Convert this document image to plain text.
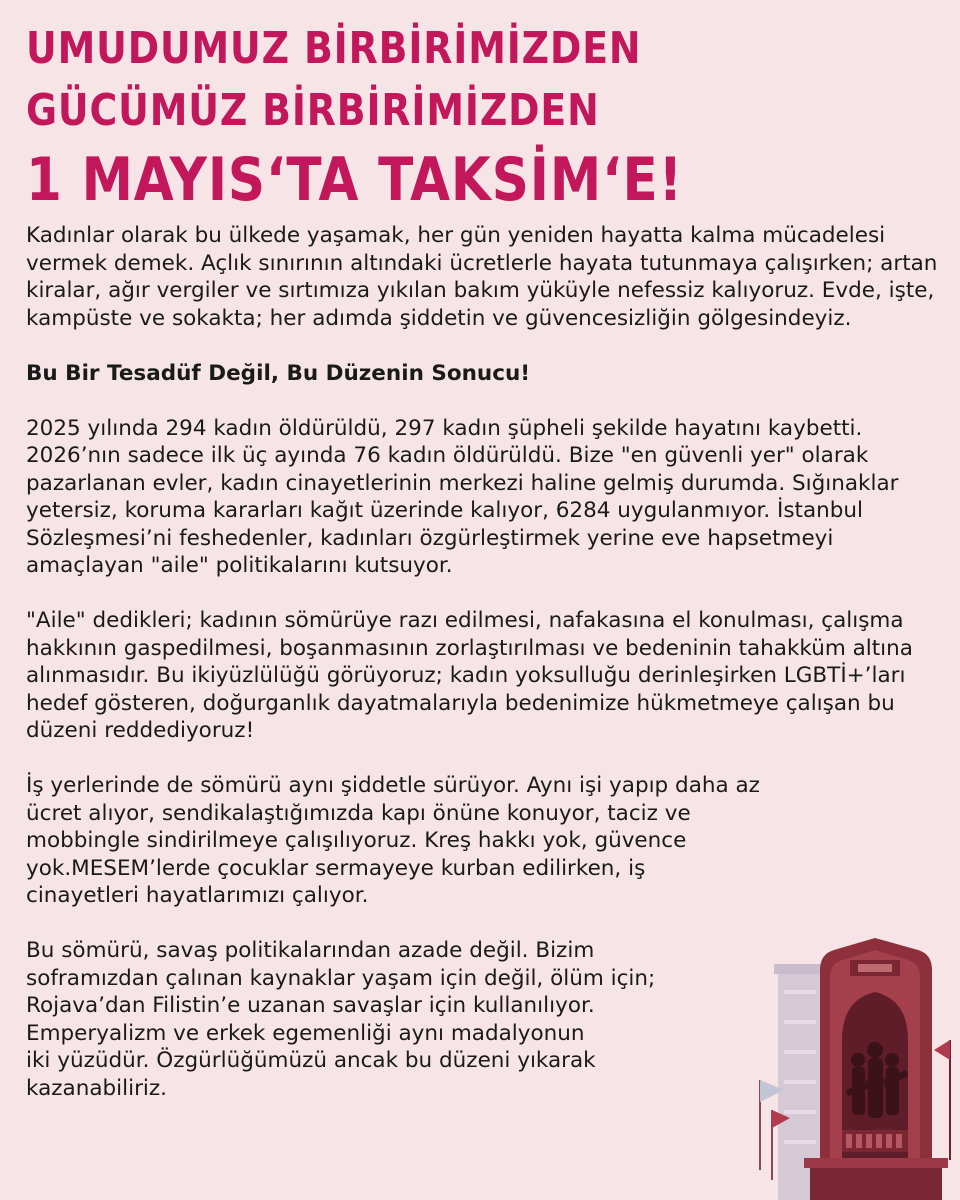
UMUDUMUZ BİRBİRİMİZDEN
GÜCÜMÜZ BİRBİRİMİZDEN
1 MAYIS‘TA TAKSİM‘E!

Kadınlar olarak bu ülkede yaşamak, her gün yeniden hayatta kalma mücadelesi vermek demek. Açlık sınırının altındaki ücretlerle hayata tutunmaya çalışırken; artan kiralar, ağır vergiler ve sırtımıza yıkılan bakım yüküyle nefessiz kalıyoruz. Evde, işte, kampüste ve sokakta; her adımda şiddetin ve güvencesizliğin gölgesindeyiz.

Bu Bir Tesadüf Değil, Bu Düzenin Sonucu!

2025 yılında 294 kadın öldürüldü, 297 kadın şüpheli şekilde hayatını kaybetti. 2026’nın sadece ilk üç ayında 76 kadın öldürüldü. Bize "en güvenli yer" olarak pazarlanan evler, kadın cinayetlerinin merkezi haline gelmiş durumda. Sığınaklar yetersiz, koruma kararları kağıt üzerinde kalıyor, 6284 uygulanmıyor. İstanbul Sözleşmesi’ni feshedenler, kadınları özgürleştirmek yerine eve hapsetmeyi amaçlayan "aile" politikalarını kutsuyor.

"Aile" dedikleri; kadının sömürüye razı edilmesi, nafakasına el konulması, çalışma hakkının gaspedilmesi, boşanmasının zorlaştırılması ve bedeninin tahakküm altına alınmasıdır. Bu ikiyüzlülüğü görüyoruz; kadın yoksulluğu derinleşirken LGBTİ+’ları hedef gösteren, doğurganlık dayatmalarıyla bedenimize hükmetmeye çalışan bu düzeni reddediyoruz!

İş yerlerinde de sömürü aynı şiddetle sürüyor. Aynı işi yapıp daha az
ücret alıyor, sendikalaştığımızda kapı önüne konuyor, taciz ve
mobbingle sindirilmeye çalışılıyoruz. Kreş hakkı yok, güvence
yok.MESEM’lerde çocuklar sermayeye kurban edilirken, iş
cinayetleri hayatlarımızı çalıyor.

Bu sömürü, savaş politikalarından azade değil. Bizim
soframızdan çalınan kaynaklar yaşam için değil, ölüm için;
Rojava’dan Filistin’e uzanan savaşlar için kullanılıyor.
Emperyalizm ve erkek egemenliği aynı madalyonun
iki yüzüdür. Özgürlüğümüzü ancak bu düzeni yıkarak
kazanabiliriz.
